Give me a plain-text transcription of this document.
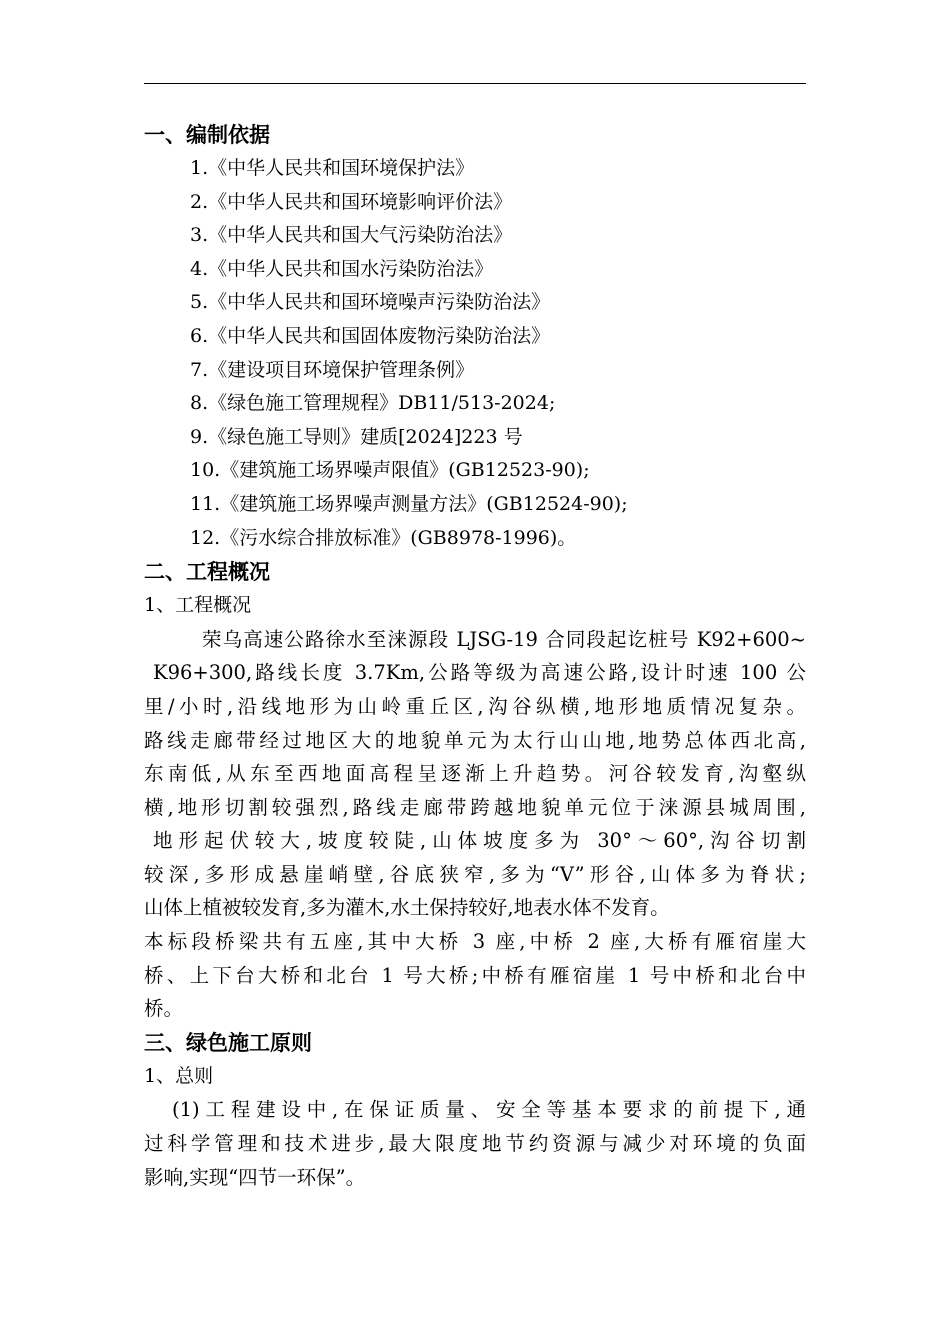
一、编制依据
1.《中华人民共和国环境保护法》
2.《中华人民共和国环境影响评价法》
3.《中华人民共和国大气污染防治法》
4.《中华人民共和国水污染防治法》
5.《中华人民共和国环境噪声污染防治法》
6.《中华人民共和国固体废物污染防治法》
7.《建设项目环境保护管理条例》
8.《绿色施工管理规程》DB11/513-2024;
9.《绿色施工导则》建质[2024]223 号
10.《建筑施工场界噪声限值》(GB12523-90);
11.《建筑施工场界噪声测量方法》(GB12524-90);
12.《污水综合排放标准》(GB8978-1996)。
二、工程概况
1、工程概况
荣乌高速公路徐水至涞源段 LJSG-19 合同段起讫桩号 K92+600~
K96+300,路线长度 3.7Km,公路等级为高速公路,设计时速 100 公
里/小时,沿线地形为山岭重丘区,沟谷纵横,地形地质情况复杂。
路线走廊带经过地区大的地貌单元为太行山山地,地势总体西北高,
东南低,从东至西地面高程呈逐渐上升趋势。河谷较发育,沟壑纵
横,地形切割较强烈,路线走廊带跨越地貌单元位于涞源县城周围,
地形起伏较大,坡度较陡,山体坡度多为 30°～60°,沟谷切割
较深,多形成悬崖峭壁,谷底狭窄,多为“V”形谷,山体多为脊状;
山体上植被较发育,多为灌木,水土保持较好,地表水体不发育。
本标段桥梁共有五座,其中大桥 3 座,中桥 2 座,大桥有雁宿崖大
桥、上下台大桥和北台 1 号大桥;中桥有雁宿崖 1 号中桥和北台中
桥。
三、绿色施工原则
1、总则
(1)工程建设中,在保证质量、安全等基本要求的前提下,通
过科学管理和技术进步,最大限度地节约资源与减少对环境的负面
影响,实现“四节一环保”。
